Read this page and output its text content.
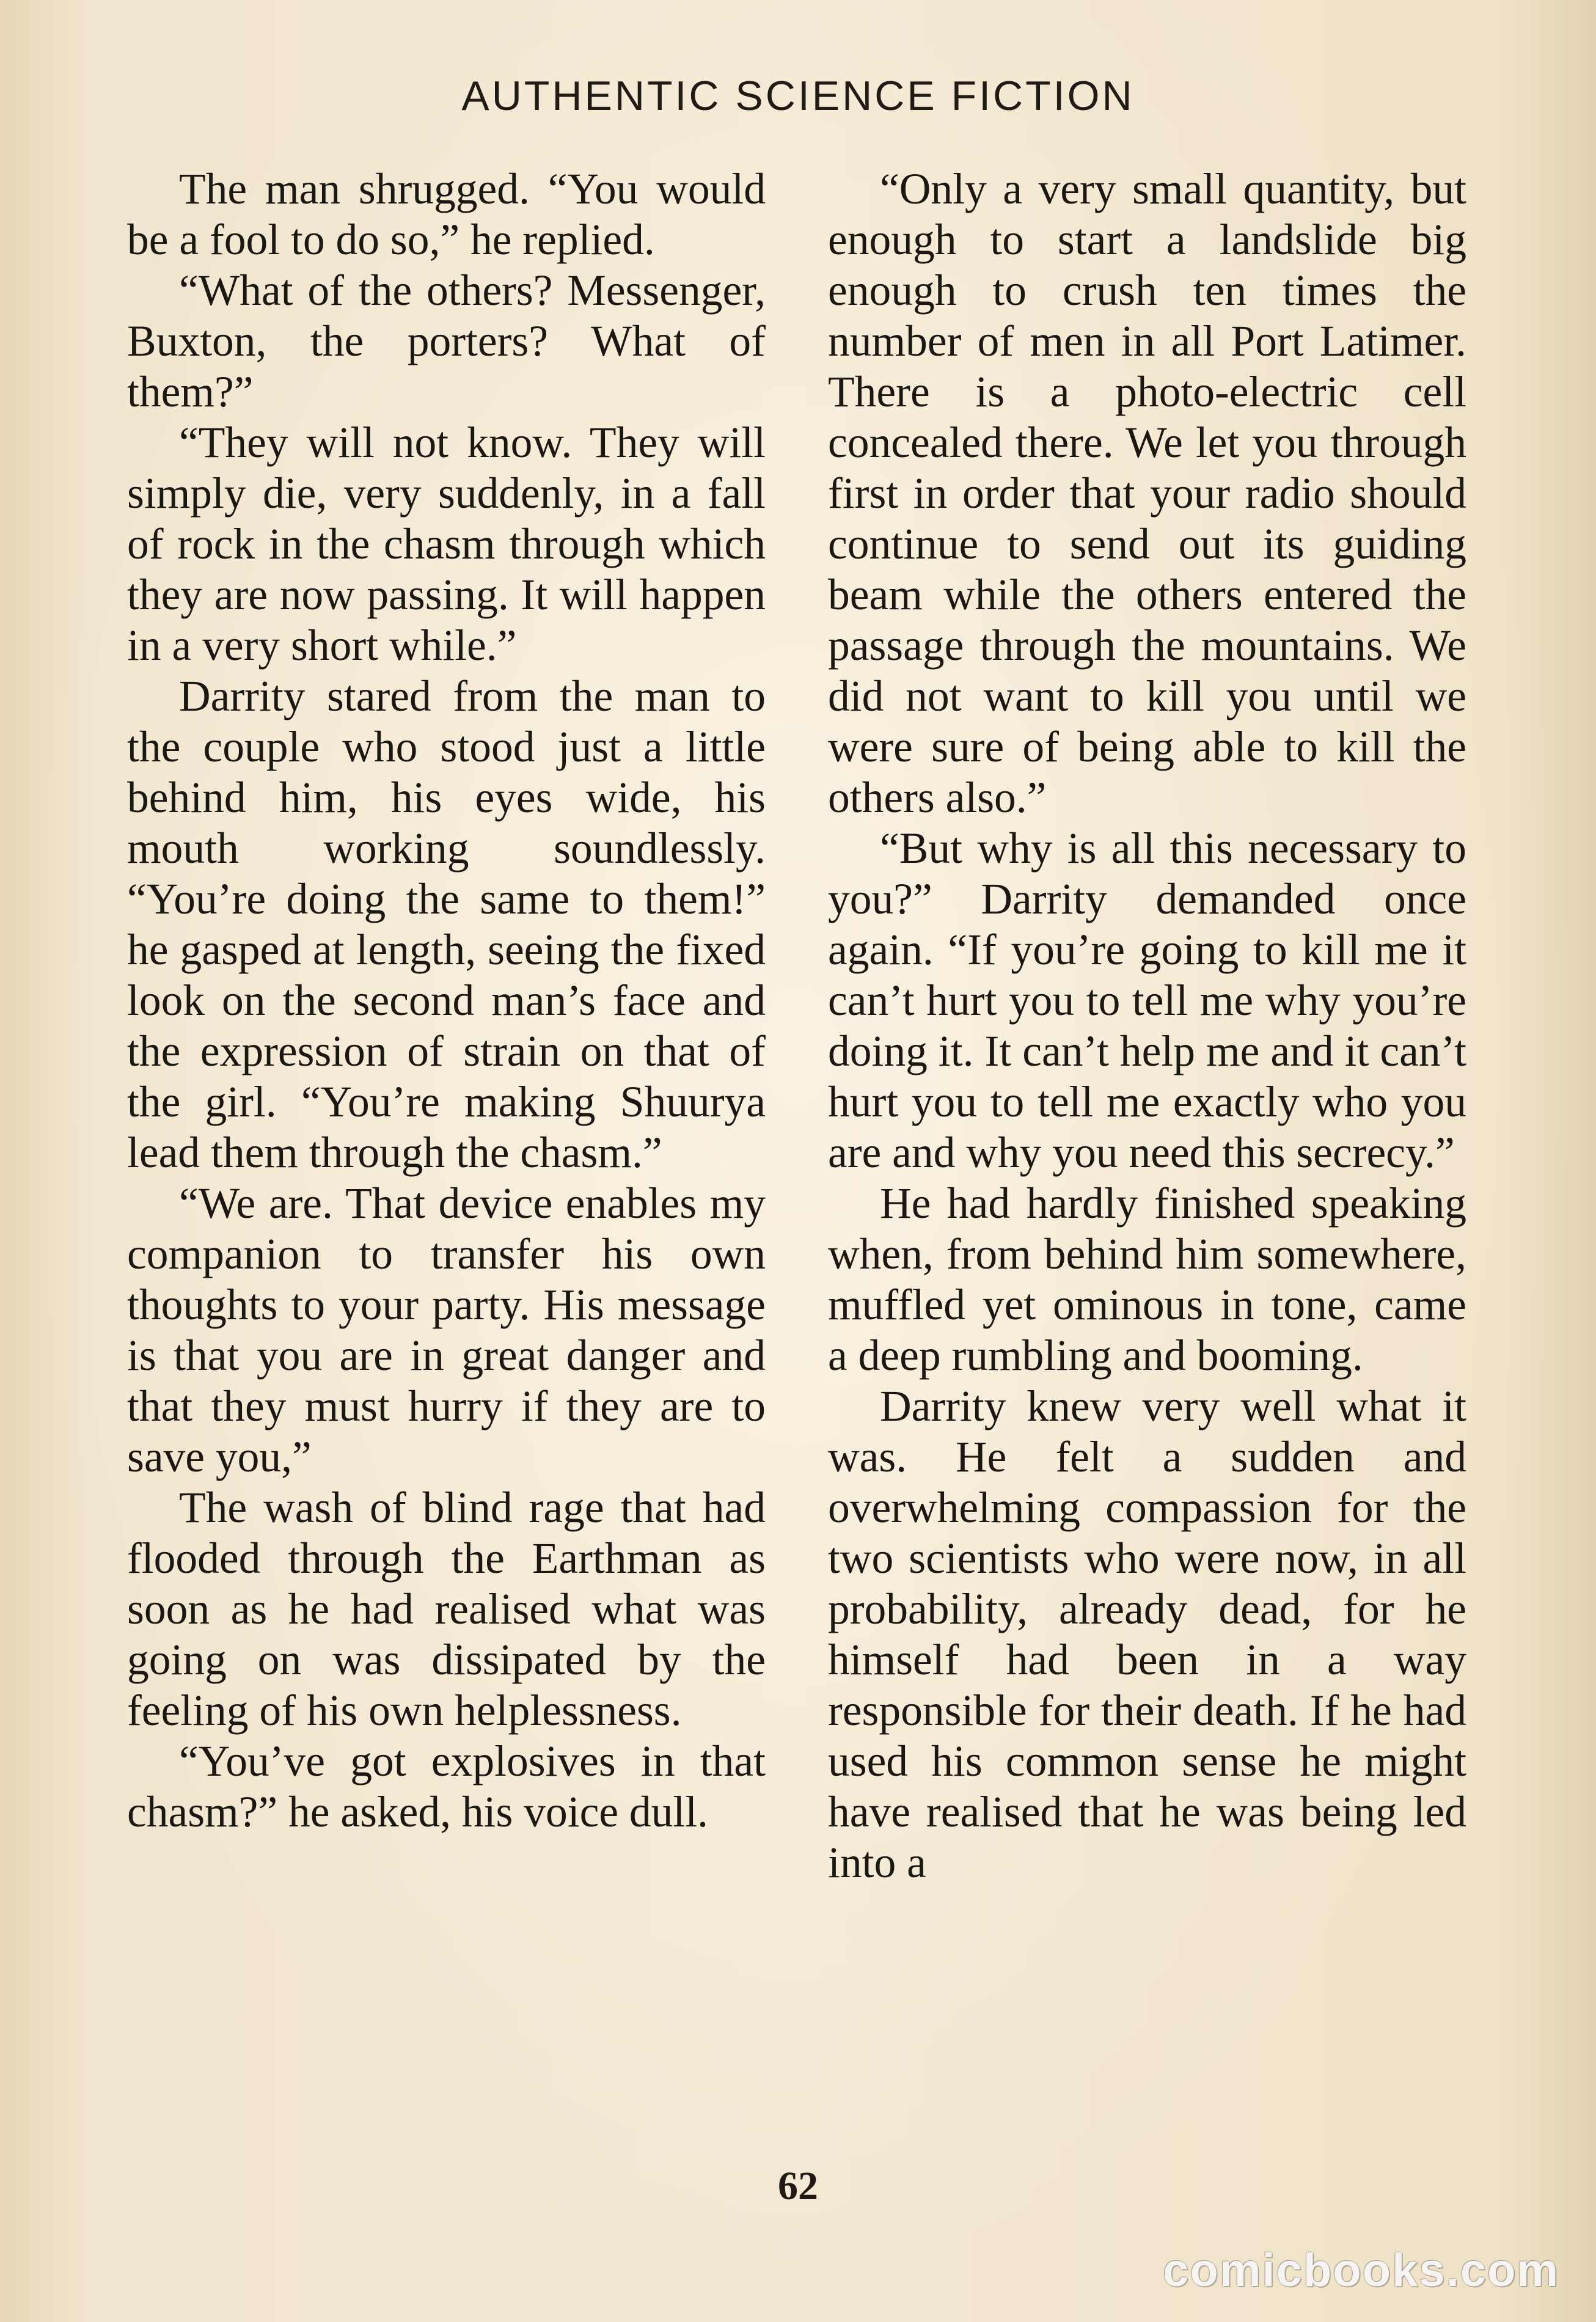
AUTHENTIC SCIENCE FICTION

The man shrugged. “You would be a fool to do so,” he replied.

“What of the others? Messenger, Buxton, the porters? What of them?”

“They will not know. They will simply die, very suddenly, in a fall of rock in the chasm through which they are now passing. It will happen in a very short while.”

Darrity stared from the man to the couple who stood just a little behind him, his eyes wide, his mouth working soundlessly. “You’re doing the same to them!” he gasped at length, seeing the fixed look on the second man’s face and the expression of strain on that of the girl. “You’re making Shuurya lead them through the chasm.”

“We are. That device enables my companion to transfer his own thoughts to your party. His message is that you are in great danger and that they must hurry if they are to save you,”

The wash of blind rage that had flooded through the Earthman as soon as he had realised what was going on was dissipated by the feeling of his own helplessness.

“You’ve got explosives in that chasm?” he asked, his voice dull.

“Only a very small quantity, but enough to start a landslide big enough to crush ten times the number of men in all Port Latimer. There is a photo-electric cell concealed there. We let you through first in order that your radio should continue to send out its guiding beam while the others entered the passage through the mountains. We did not want to kill you until we were sure of being able to kill the others also.”

“But why is all this necessary to you?” Darrity demanded once again. “If you’re going to kill me it can’t hurt you to tell me why you’re doing it. It can’t help me and it can’t hurt you to tell me exactly who you are and why you need this secrecy.”

He had hardly finished speaking when, from behind him somewhere, muffled yet ominous in tone, came a deep rumbling and booming.

Darrity knew very well what it was. He felt a sudden and overwhelming compassion for the two scientists who were now, in all probability, already dead, for he himself had been in a way responsible for their death. If he had used his common sense he might have realised that he was being led into a

62
comicbooks.com
